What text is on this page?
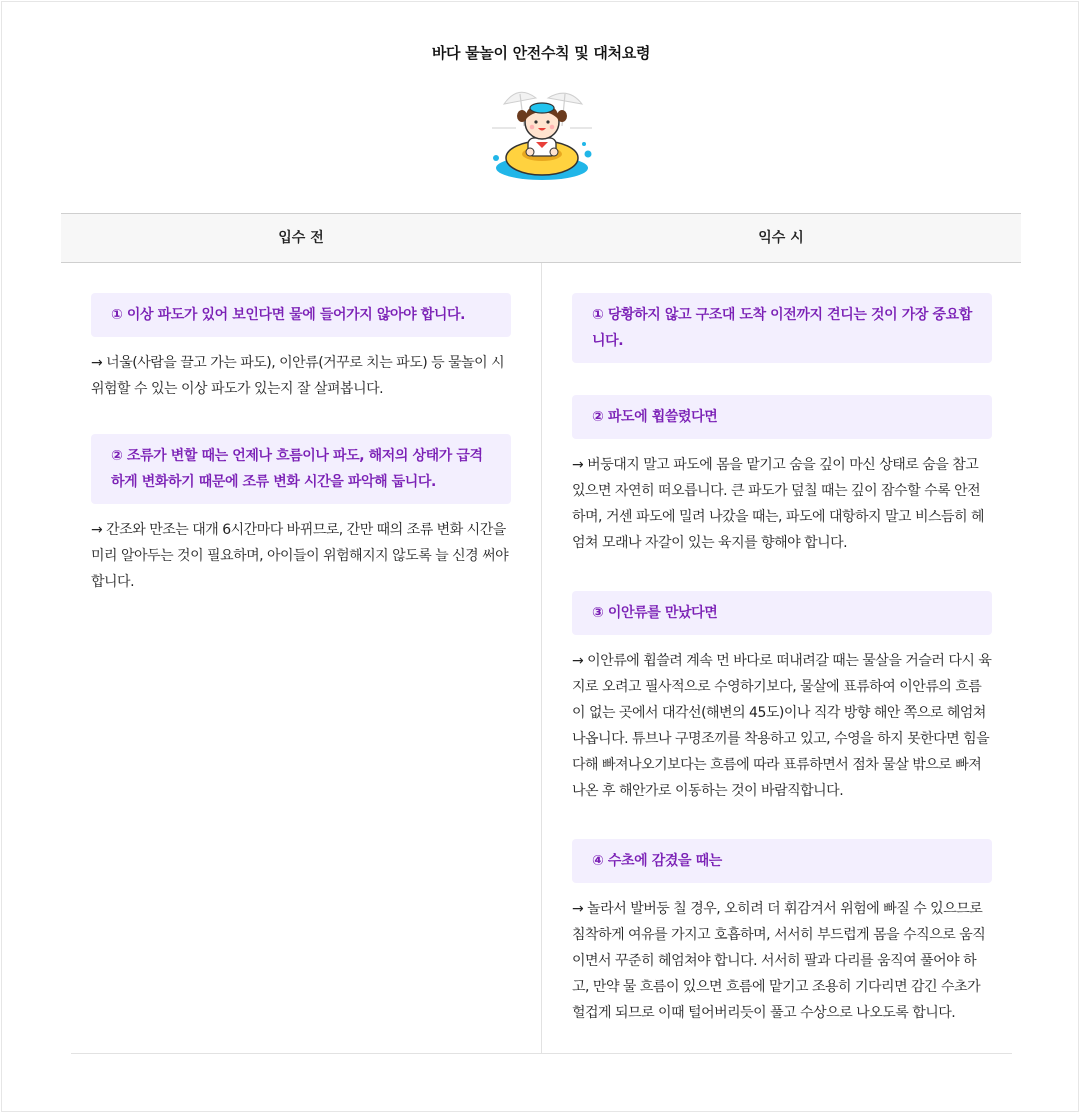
바다 물놀이 안전수칙 및 대처요령
입수 전	익수 시
① 이상 파도가 있어 보인다면 물에 들어가지 않아야 합니다.
→ 너울(사람을 끌고 가는 파도), 이안류(거꾸로 치는 파도) 등 물놀이 시 위험할 수 있는 이상 파도가 있는지 잘 살펴봅니다.
② 조류가 변할 때는 언제나 흐름이나 파도, 해저의 상태가 급격하게 변화하기 때문에 조류 변화 시간을 파악해 둡니다.
→ 간조와 만조는 대개 6시간마다 바뀌므로, 간만 때의 조류 변화 시간을 미리 알아두는 것이 필요하며, 아이들이 위험해지지 않도록 늘 신경 써야 합니다.
① 당황하지 않고 구조대 도착 이전까지 견디는 것이 가장 중요합니다.
② 파도에 휩쓸렸다면
→ 버둥대지 말고 파도에 몸을 맡기고 숨을 깊이 마신 상태로 숨을 참고 있으면 자연히 떠오릅니다. 큰 파도가 덮칠 때는 깊이 잠수할 수록 안전하며, 거센 파도에 밀려 나갔을 때는, 파도에 대항하지 말고 비스듬히 헤엄쳐 모래나 자갈이 있는 육지를 향해야 합니다.
③ 이안류를 만났다면
→ 이안류에 휩쓸려 계속 먼 바다로 떠내려갈 때는 물살을 거슬러 다시 육지로 오려고 필사적으로 수영하기보다, 물살에 표류하여 이안류의 흐름이 없는 곳에서 대각선(해변의 45도)이나 직각 방향 해안 쪽으로 헤엄쳐 나옵니다. 튜브나 구명조끼를 착용하고 있고, 수영을 하지 못한다면 힘을 다해 빠져나오기보다는 흐름에 따라 표류하면서 점차 물살 밖으로 빠져나온 후 해안가로 이동하는 것이 바람직합니다.
④ 수초에 감겼을 때는
→ 놀라서 발버둥 칠 경우, 오히려 더 휘감겨서 위험에 빠질 수 있으므로 침착하게 여유를 가지고 호흡하며, 서서히 부드럽게 몸을 수직으로 움직이면서 꾸준히 헤엄쳐야 합니다. 서서히 팔과 다리를 움직여 풀어야 하고, 만약 물 흐름이 있으면 흐름에 맡기고 조용히 기다리면 감긴 수초가 헐겁게 되므로 이때 털어버리듯이 풀고 수상으로 나오도록 합니다.
